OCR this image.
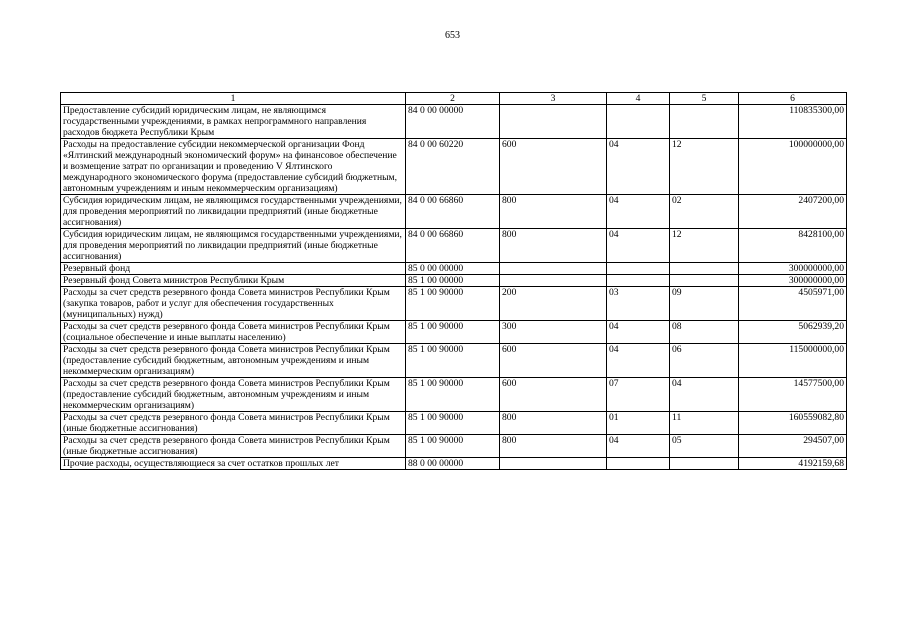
653
1	2	3	4	5	6
Предоставление субсидий юридическим лицам, не являющимся государственными учреждениями, в рамках непрограммного направления расходов бюджета Республики Крым	84 0 00 00000				110835300,00
Расходы на предоставление субсидии некоммерческой организации Фонд «Ялтинский международный экономический форум» на финансовое обеспечение и возмещение затрат по организации и проведению V Ялтинского международного экономического форума (предоставление субсидий бюджетным, автономным учреждениям и иным некоммерческим организациям)	84 0 00 60220	600	04	12	100000000,00
Субсидия юридическим лицам, не являющимся государственными учреждениями, для проведения мероприятий по ликвидации предприятий (иные бюджетные ассигнования)	84 0 00 66860	800	04	02	2407200,00
Субсидия юридическим лицам, не являющимся государственными учреждениями, для проведения мероприятий по ликвидации предприятий (иные бюджетные ассигнования)	84 0 00 66860	800	04	12	8428100,00
Резервный фонд	85 0 00 00000				300000000,00
Резервный фонд Совета министров Республики Крым	85 1 00 00000				300000000,00
Расходы за счет средств резервного фонда Совета министров Республики Крым (закупка товаров, работ и услуг для обеспечения государственных (муниципальных) нужд)	85 1 00 90000	200	03	09	4505971,00
Расходы за счет средств резервного фонда Совета министров Республики Крым (социальное обеспечение и иные выплаты населению)	85 1 00 90000	300	04	08	5062939,20
Расходы за счет средств резервного фонда Совета министров Республики Крым (предоставление субсидий бюджетным, автономным учреждениям и иным некоммерческим организациям)	85 1 00 90000	600	04	06	115000000,00
Расходы за счет средств резервного фонда Совета министров Республики Крым (предоставление субсидий бюджетным, автономным учреждениям и иным некоммерческим организациям)	85 1 00 90000	600	07	04	14577500,00
Расходы за счет средств резервного фонда Совета министров Республики Крым (иные бюджетные ассигнования)	85 1 00 90000	800	01	11	160559082,80
Расходы за счет средств резервного фонда Совета министров Республики Крым (иные бюджетные ассигнования)	85 1 00 90000	800	04	05	294507,00
Прочие расходы, осуществляющиеся за счет остатков прошлых лет	88 0 00 00000				4192159,68
